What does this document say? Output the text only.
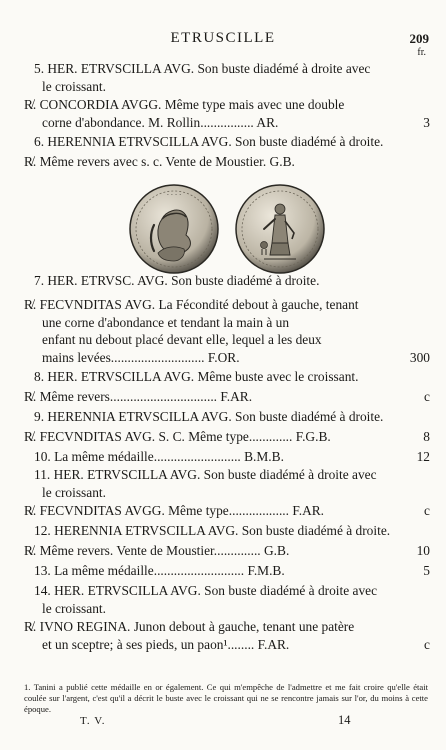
ETRUSCILLE	209
fr.
5. HER. ETRVSCILLA AVG. Son buste diadémé à droite avec
le croissant.
R̸. CONCORDIA AVGG. Même type mais avec une double
corne d'abondance. M. Rollin................ AR.	3
6. HERENNIA ETRVSCILLA AVG. Son buste diadémé à droite.
R̸. Même revers avec s. c. Vente de Moustier. G.B.
7. HER. ETRVSC. AVG. Son buste diadémé à droite.
R̸. FECVNDITAS AVG. La Fécondité debout à gauche, tenant
une corne d'abondance et tendant la main à un
enfant nu debout placé devant elle, lequel a les deux
mains levées............................ F.OR.	300
8. HER. ETRVSCILLA AVG. Même buste avec le croissant.
R̸. Même revers................................ F.AR.	c
9. HERENNIA ETRVSCILLA AVG. Son buste diadémé à droite.
R̸. FECVNDITAS AVG. S. C. Même type............. F.G.B.	8
10. La même médaille.......................... B.M.B.	12
11. HER. ETRVSCILLA AVG. Son buste diadémé à droite avec
le croissant.
R̸. FECVNDITAS AVGG. Même type.................. F.AR.	c
12. HERENNIA ETRVSCILLA AVG. Son buste diadémé à droite.
R̸. Même revers. Vente de Moustier.............. G.B.	10
13. La même médaille........................... F.M.B.	5
14. HER. ETRVSCILLA AVG. Son buste diadémé à droite avec
le croissant.
R̸. IVNO REGINA. Junon debout à gauche, tenant une patère
et un sceptre; à ses pieds, un paon¹........ F.AR.	c
· · · ·
1. Tanini a publié cette médaille en or également. Ce qui m'empêche de l'admettre et me fait croire qu'elle était coulée sur l'argent, c'est qu'il a décrit le buste avec le croissant qui ne se rencontre jamais sur l'or, du moins à cette époque.
T. V.	14
